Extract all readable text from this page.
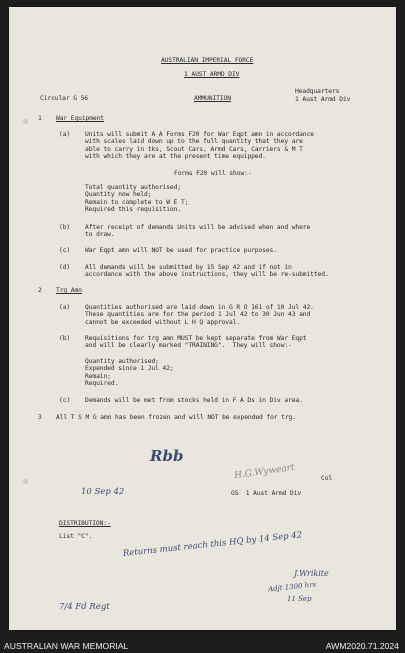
AUSTRALIAN IMPERIAL FORCE
1 AUST ARMD DIV
Circular G 56	AMMUNITION
Headquarters
1 Aust Armd Div
1 War Equipment
(a) Units will submit A A Forms F20 for War Eqpt amn in accordance
with scales laid down up to the full quantity that they are
able to carry in tks, Scout Cars, Armd Cars, Carriers & M T
with which they are at the present time equipped.
Forms F20 will show:-
Total quantity authorised;
Quantity now held;
Remain to complete to W E T;
Required this requisition.
(b) After receipt of demands Units will be advised when and where
to draw.
(c) War Eqpt amn will NOT be used for practice purposes.
(d) All demands will be submitted by 15 Sep 42 and if not in
accordance with the above instructions, they will be re-submitted.
2 Trg Amn
(a) Quantities authorised are laid down in G R O 161 of 10 Jul 42.
These quantities are for the period 1 Jul 42 to 30 Jun 43 and
cannot be exceeded without L H Q approval.
(b) Requisitions for trg amn MUST be kept separate from War Eqpt
and will be clearly marked "TRAINING".  They will show:-
Quantity authorised;
Expended since 1 Jul 42;
Remain;
Required.
(c) Demands will be met from stocks held in F A Ds in Div area.
3 All T S M G amn has been frozen and will NOT be expended for trg.
Rbb
H.G.Wyweart	Col
10 Sep 42	GS  1 Aust Armd Div
DISTRIBUTION:-
List "C".	Returns must reach this HQ by 14 Sep 42
J.Wrikite
Adjt 1300 hrs
11 Sep
7/4 Fd Regt
AUSTRALIAN WAR MEMORIAL	AWM2020.71.2024
